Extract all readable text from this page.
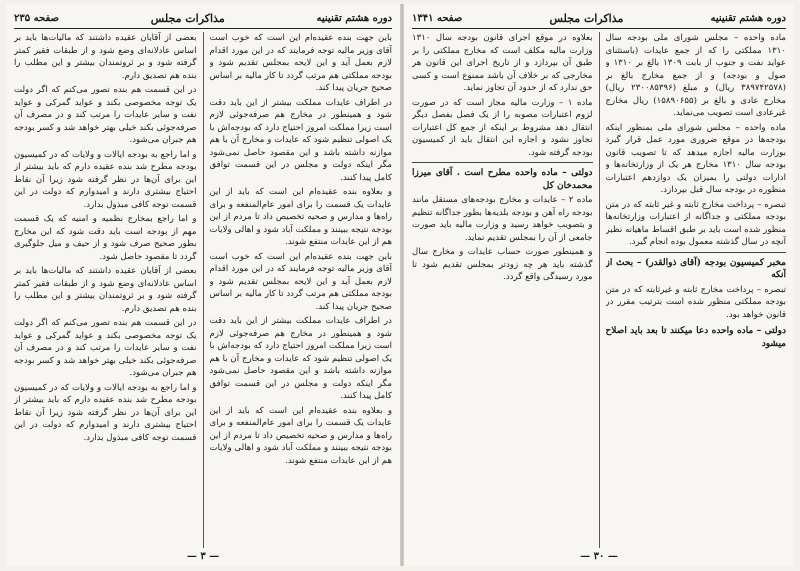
دوره هشتم تقنینیه
مذاکرات مجلس
صفحه ۲۳۵

باین جهت بنده عقیده‌ام این است که خوب است آقای وزیر مالیه توجه فرمایند که در این مورد اقدام لازم بعمل آید و این لایحه بمجلس تقدیم شود و بودجه مملکتی هم مرتب گردد تا کار مالیه بر اساس صحیح جریان پیدا کند.

در اطراف عایدات مملکت بیشتر از این باید دقت شود و همینطور در مخارج هم صرفه‌جوئی لازم است زیرا مملکت امروز احتیاج دارد که بودجه‌اش با یک اصولی تنظیم شود که عایدات و مخارج آن با هم موازنه داشته باشد و این مقصود حاصل نمی‌شود مگر اینکه دولت و مجلس در این قسمت توافق کامل پیدا کنند.

و بعلاوه بنده عقیده‌ام این است که باید از این عایدات یک قسمت را برای امور عام‌المنفعه و برای راه‌ها و مدارس و صحیه تخصیص داد تا مردم از این بودجه نتیجه ببینند و مملکت آباد شود و اهالی ولایات هم از این عایدات منتفع شوند.

باین جهت بنده عقیده‌ام این است که خوب است آقای وزیر مالیه توجه فرمایند که در این مورد اقدام لازم بعمل آید و این لایحه بمجلس تقدیم شود و بودجه مملکتی هم مرتب گردد تا کار مالیه بر اساس صحیح جریان پیدا کند.

در اطراف عایدات مملکت بیشتر از این باید دقت شود و همینطور در مخارج هم صرفه‌جوئی لازم است زیرا مملکت امروز احتیاج دارد که بودجه‌اش با یک اصولی تنظیم شود که عایدات و مخارج آن با هم موازنه داشته باشد و این مقصود حاصل نمی‌شود مگر اینکه دولت و مجلس در این قسمت توافق کامل پیدا کنند.

و بعلاوه بنده عقیده‌ام این است که باید از این عایدات یک قسمت را برای امور عام‌المنفعه و برای راه‌ها و مدارس و صحیه تخصیص داد تا مردم از این بودجه نتیجه ببینند و مملکت آباد شود و اهالی ولایات هم از این عایدات منتفع شوند.

بعضی از آقایان عقیده داشتند که مالیات‌ها باید بر اساس عادلانه‌ای وضع شود و از طبقات فقیر کمتر گرفته شود و بر ثروتمندان بیشتر و این مطلب را بنده هم تصدیق دارم.

در این قسمت هم بنده تصور می‌کنم که اگر دولت یک توجه مخصوصی بکند و عواید گمرکی و عواید نفت و سایر عایدات را مرتب کند و در مصرف آن صرفه‌جوئی بکند خیلی بهتر خواهد شد و کسر بودجه هم جبران می‌شود.

و اما راجع به بودجه ایالات و ولایات که در کمیسیون بودجه مطرح شد بنده عقیده دارم که باید بیشتر از این برای آن‌ها در نظر گرفته شود زیرا آن نقاط احتیاج بیشتری دارند و امیدوارم که دولت در این قسمت توجه کافی مبذول بدارد.

و اما راجع بمخارج نظمیه و امنیه که یک قسمت مهم از بودجه است باید دقت شود که این مخارج بطور صحیح صرف شود و از حیف و میل جلوگیری گردد تا مقصود حاصل شود.

بعضی از آقایان عقیده داشتند که مالیات‌ها باید بر اساس عادلانه‌ای وضع شود و از طبقات فقیر کمتر گرفته شود و بر ثروتمندان بیشتر و این مطلب را بنده هم تصدیق دارم.

در این قسمت هم بنده تصور می‌کنم که اگر دولت یک توجه مخصوصی بکند و عواید گمرکی و عواید نفت و سایر عایدات را مرتب کند و در مصرف آن صرفه‌جوئی بکند خیلی بهتر خواهد شد و کسر بودجه هم جبران می‌شود.

و اما راجع به بودجه ایالات و ولایات که در کمیسیون بودجه مطرح شد بنده عقیده دارم که باید بیشتر از این برای آن‌ها در نظر گرفته شود زیرا آن نقاط احتیاج بیشتری دارند و امیدوارم که دولت در این قسمت توجه کافی مبذول بدارد.

— ۳ —
دوره هشتم تقنینیه
مذاکرات مجلس
صفحه ۱۳۴۱

ماده واحده – مجلس شورای ملی بودجه سال ۱۳۱۰ مملکتی را که از جمع عایدات (باستثنای عواید نفت و جنوب از بابت ۱۳۰۹ بالغ بر ۱۳۱۰ و صول و بودجه) و از جمع مخارج بالغ بر (۳۸۹۷۴۲۵۷۸ ریال) و مبلغ (۲۳۰۰۸۵۳۹۶ ریال) مخارج عادی و بالغ بر (۱۵۸۹۰۶۵۵) ریال مخارج غیرعادی است تصویب می‌نماید.

ماده واحده – مجلس شورای ملی بمنظور اینکه بودجه‌ها در موقع ضروری مورد عمل قرار گیرد بوزارت مالیه اجازه میدهد که تا تصویب قانون بودجه سال ۱۳۱۰ مخارج هر یک از وزارتخانه‌ها و ادارات دولتی را بمیزان یک دوازدهم اعتبارات منظوره در بودجه سال قبل بپردازد.

تبصره – پرداخت مخارج ثابته و غیر ثابته که در متن بودجه مملکتی و جداگانه از اعتبارات وزارتخانه‌ها منظور شده است باید بر طبق اقساط ماهیانه نظیر آنچه در سال گذشته معمول بوده انجام گیرد.

مخبر کمیسیون بودجه (آقای ذوالقدر) – بحث از آنکه

تبصره – پرداخت مخارج ثابته و غیرثابته که در متن بودجه مملکتی منظور شده است بترتیب مقرر در قانون خواهد بود.

دولتی – ماده واحده دعا میکنند تا بعد باید اصلاح میشود

بعلاوه در موقع اجرای قانون بودجه سال ۱۳۱۰ وزارت مالیه مکلف است که مخارج مملکتی را بر طبق آن بپردازد و از تاریخ اجرای این قانون هر مخارجی که بر خلاف آن باشد ممنوع است و کسی حق ندارد که از حدود آن تجاوز نماید.

ماده ۱ – وزارت مالیه مجاز است که در صورت لزوم اعتبارات مصوبه را از یک فصل بفصل دیگر انتقال دهد مشروط بر اینکه از جمع کل اعتبارات تجاوز نشود و اجازه این انتقال باید از کمیسیون بودجه گرفته شود.

دولتی – ماده واحده مطرح است . آقای میرزا محمدخان کل

ماده ۲ – عایدات و مخارج بودجه‌های مستقل مانند بودجه راه آهن و بودجه بلدیه‌ها بطور جداگانه تنظیم و بتصویب خواهد رسید و وزارت مالیه باید صورت جامعی از آن را بمجلس تقدیم نماید.

و همینطور صورت حساب عایدات و مخارج سال گذشته باید هر چه زودتر بمجلس تقدیم شود تا مورد رسیدگی واقع گردد.

— ۳۰ —
